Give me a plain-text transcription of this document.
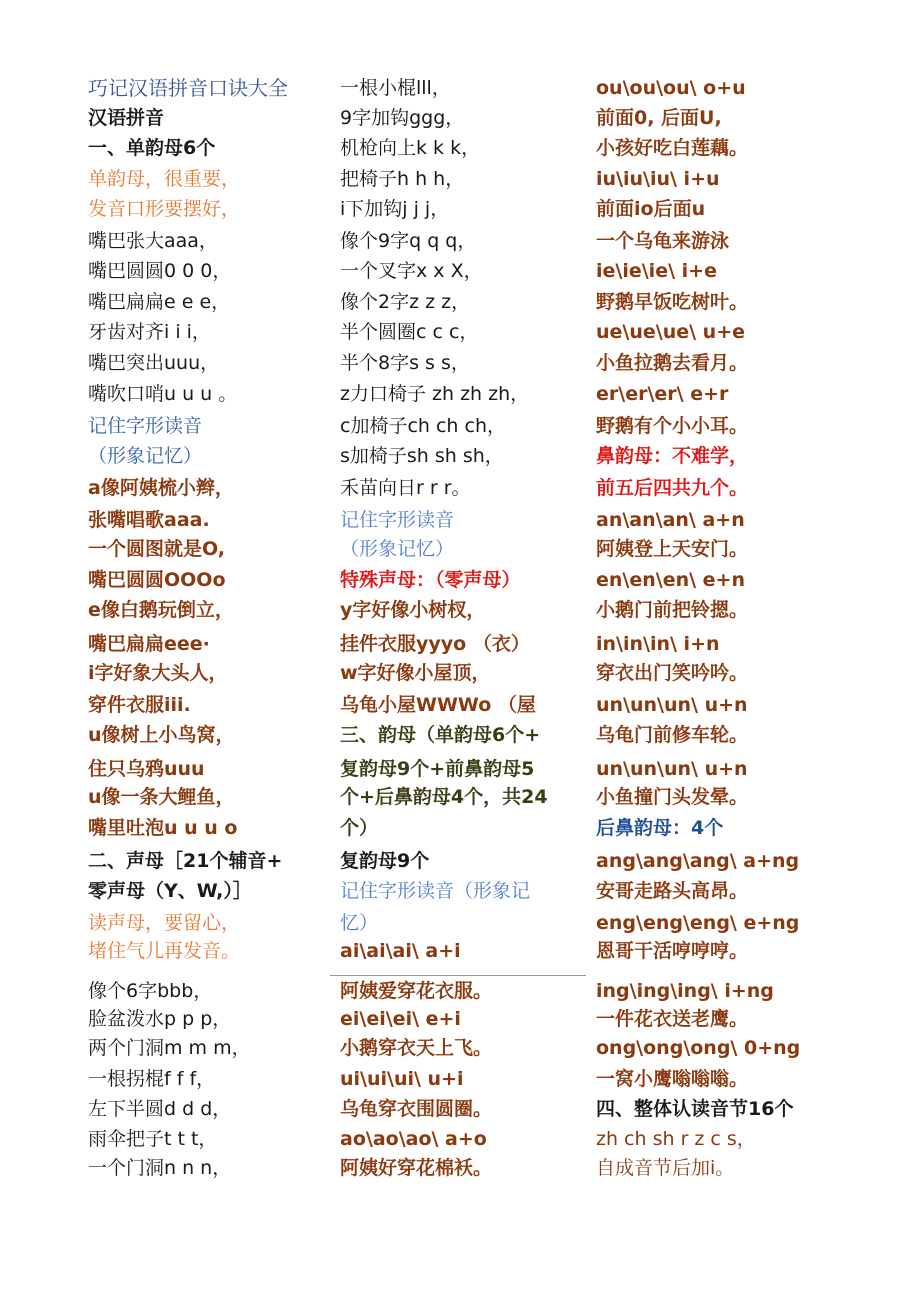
巧记汉语拼音口诀大全
汉语拼音
一、单韵母6个
单韵母，很重要，
发音口形要摆好，
嘴巴张大aaa，
嘴巴圆圆0 0 0，
嘴巴扁扁e e e，
牙齿对齐i i i，
嘴巴突出uuu，
嘴吹口哨u u u 。
记住字形读音
（形象记忆）
a像阿姨梳小辫，
张嘴唱歌aaa.
一个圆图就是O,
嘴巴圆圆OOOo
e像白鹅玩倒立，
嘴巴扁扁eee·
i字好象大头人，
穿件衣服iii.
u像树上小鸟窝，
住只乌鸦uuu
u像一条大鲤鱼，
嘴里吐泡u u u o
二、声母［21个辅音+
零声母（Y、W,）］
读声母，要留心，
堵住气儿再发音。
像个6字bbb，
脸盆泼水p p p，
两个门洞m m m，
一根拐棍f f f，
左下半圆d d d，
雨伞把子t t t，
一个门洞n n n，
一根小棍lll，
9字加钩ggg，
机枪向上k k k，
把椅子h h h，
i下加钩j j j，
像个9字q q q，
一个叉字x x X，
像个2字z z z，
半个圆圈c c c，
半个8字s s s，
z力口椅子 zh zh zh，
c加椅子ch ch ch，
s加椅子sh sh sh，
禾苗向日r r r。
记住字形读音
（形象记忆）
特殊声母：（零声母）
y字好像小树杈，
挂件衣服yyyo （衣）
w字好像小屋顶，
乌龟小屋WWWo （屋
三、韵母（单韵母6个+
复韵母9个+前鼻韵母5
个+后鼻韵母4个，共24
个）
复韵母9个
记住字形读音（形象记
忆）
ai\ai\ai\ a+i
阿姨爱穿花衣服。
ei\ei\ei\ e+i
小鹅穿衣天上飞。
ui\ui\ui\ u+i
乌龟穿衣围圆圈。
ao\ao\ao\ a+o
阿姨好穿花棉袄。
ou\ou\ou\ o+u
前面0, 后面U,
小孩好吃白莲藕。
iu\iu\iu\ i+u
前面io后面u
一个乌龟来游泳
ie\ie\ie\ i+e
野鹅早饭吃树叶。
ue\ue\ue\ u+e
小鱼拉鹅去看月。
er\er\er\ e+r
野鹅有个小小耳。
鼻韵母：不难学，
前五后四共九个。
an\an\an\ a+n
阿姨登上天安门。
en\en\en\ e+n
小鹅门前把铃摁。
in\in\in\ i+n
穿衣出门笑吟吟。
un\un\un\ u+n
乌龟门前修车轮。
un\un\un\ u+n
小鱼撞门头发晕。
后鼻韵母：4个
ang\ang\ang\ a+ng
安哥走路头高昂。
eng\eng\eng\ e+ng
恩哥干活哼哼哼。
ing\ing\ing\ i+ng
一件花衣送老鹰。
ong\ong\ong\ 0+ng
一窝小鹰嗡嗡嗡。
四、整体认读音节16个
zh ch sh r z c s，
自成音节后加i。
